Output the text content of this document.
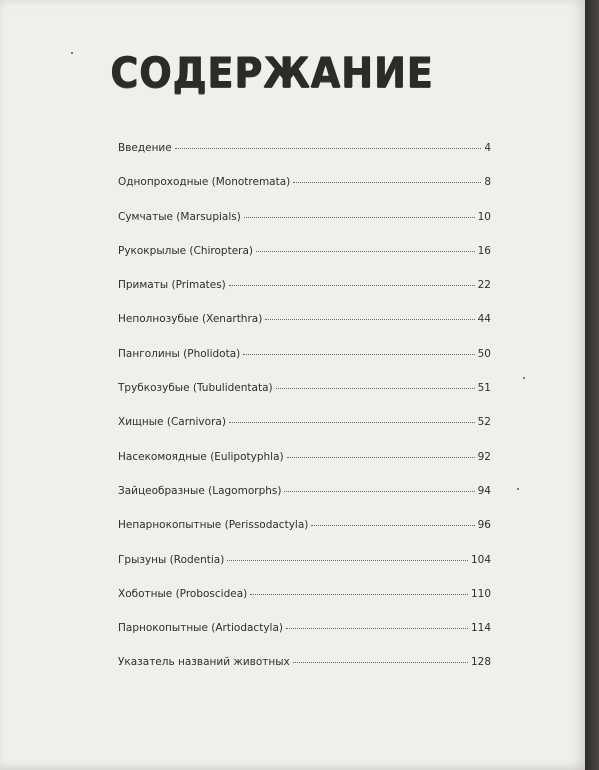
СОДЕРЖАНИЕ
Введение	4
Однопроходные (Monotremata)	8
Сумчатые (Marsupials)	10
Рукокрылые (Chiroptera)	16
Приматы (Primates)	22
Неполнозубые (Xenarthra)	44
Панголины (Pholidota)	50
Трубкозубые (Tubulidentata)	51
Хищные (Carnivora)	52
Насекомоядные (Eulipotyphla)	92
Зайцеобразные (Lagomorphs)	94
Непарнокопытные (Perissodactyla)	96
Грызуны (Rodentia)	104
Хоботные (Proboscidea)	110
Парнокопытные (Artiodactyla)	114
Указатель названий животных	128
